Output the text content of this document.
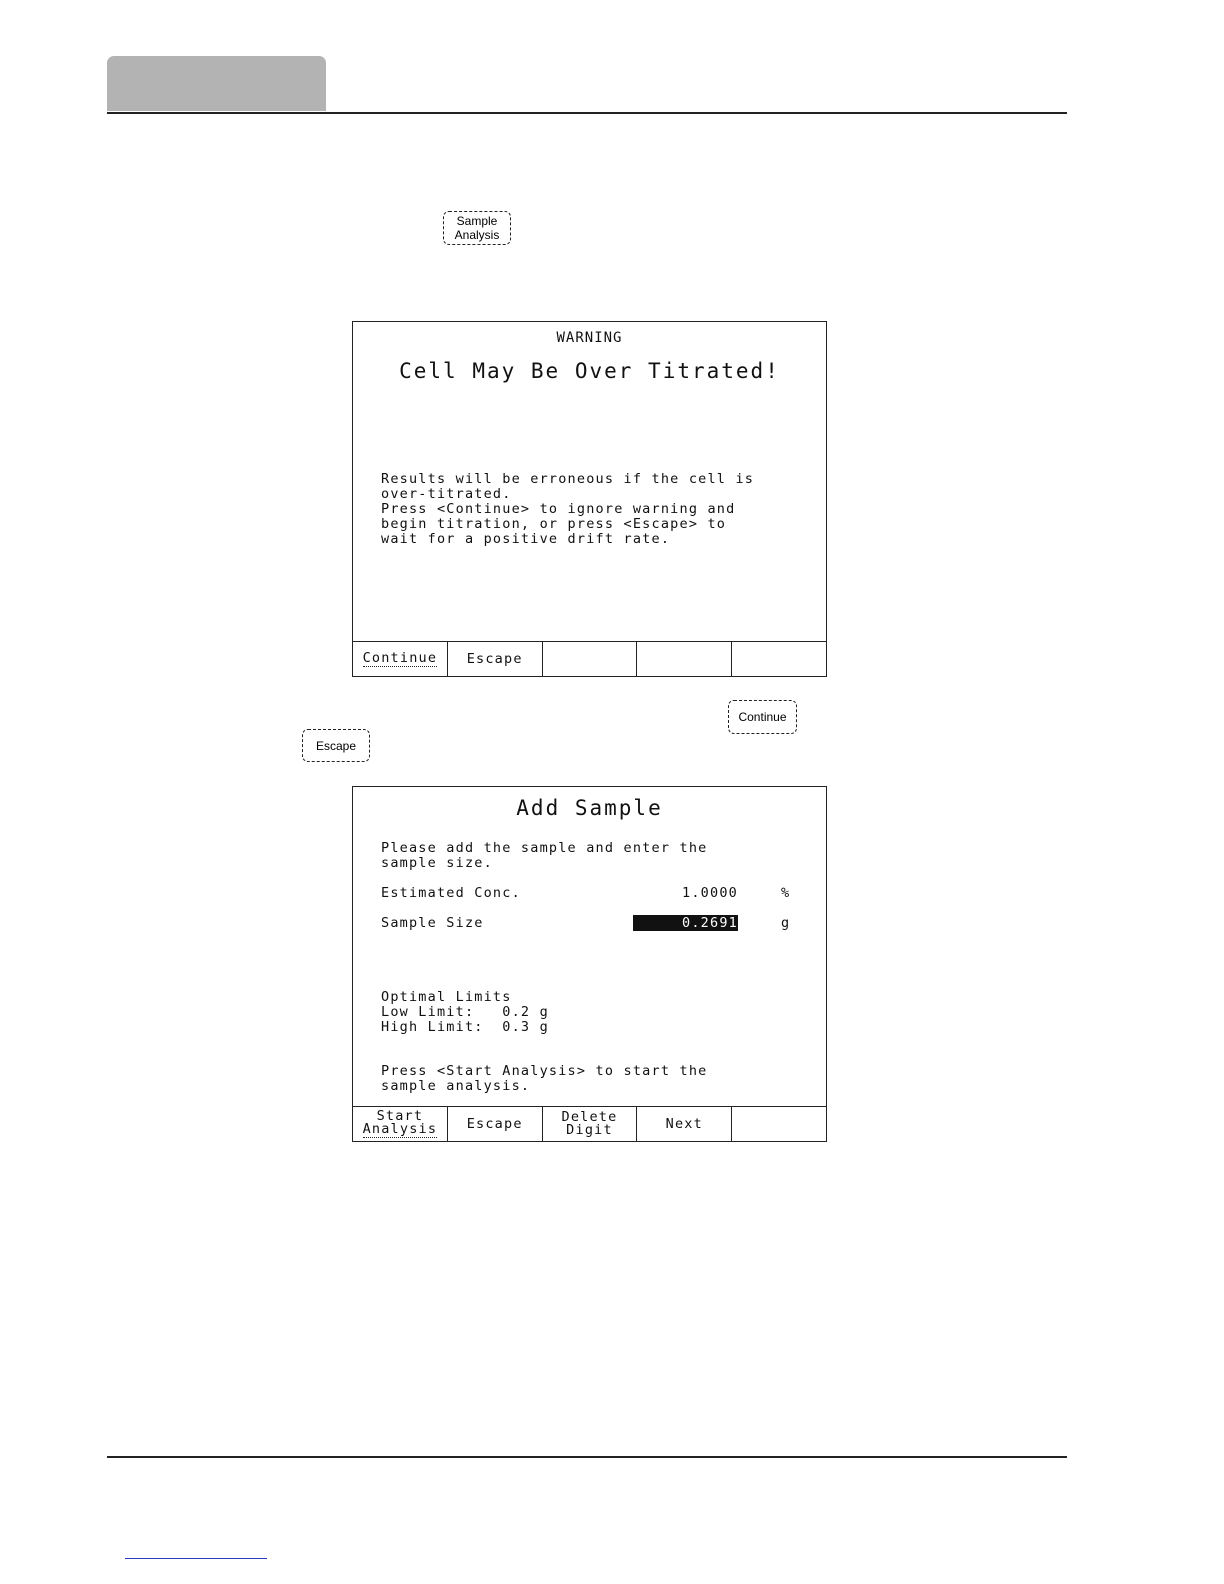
Sample
Analysis
WARNING
Cell May Be Over Titrated!
Results will be erroneous if the cell is
over-titrated.
Press <Continue> to ignore warning and
begin titration, or press <Escape> to
wait for a positive drift rate.
Continue Escape
Continue
Escape
Add Sample
Please add the sample and enter the
sample size.
Estimated Conc.	1.0000	%
Sample Size	0.2691	g
Optimal Limits
Low Limit:   0.2 g
High Limit:  0.3 g
Press <Start Analysis> to start the
sample analysis.
Start
Analysis Escape	Delete
Digit	Next
